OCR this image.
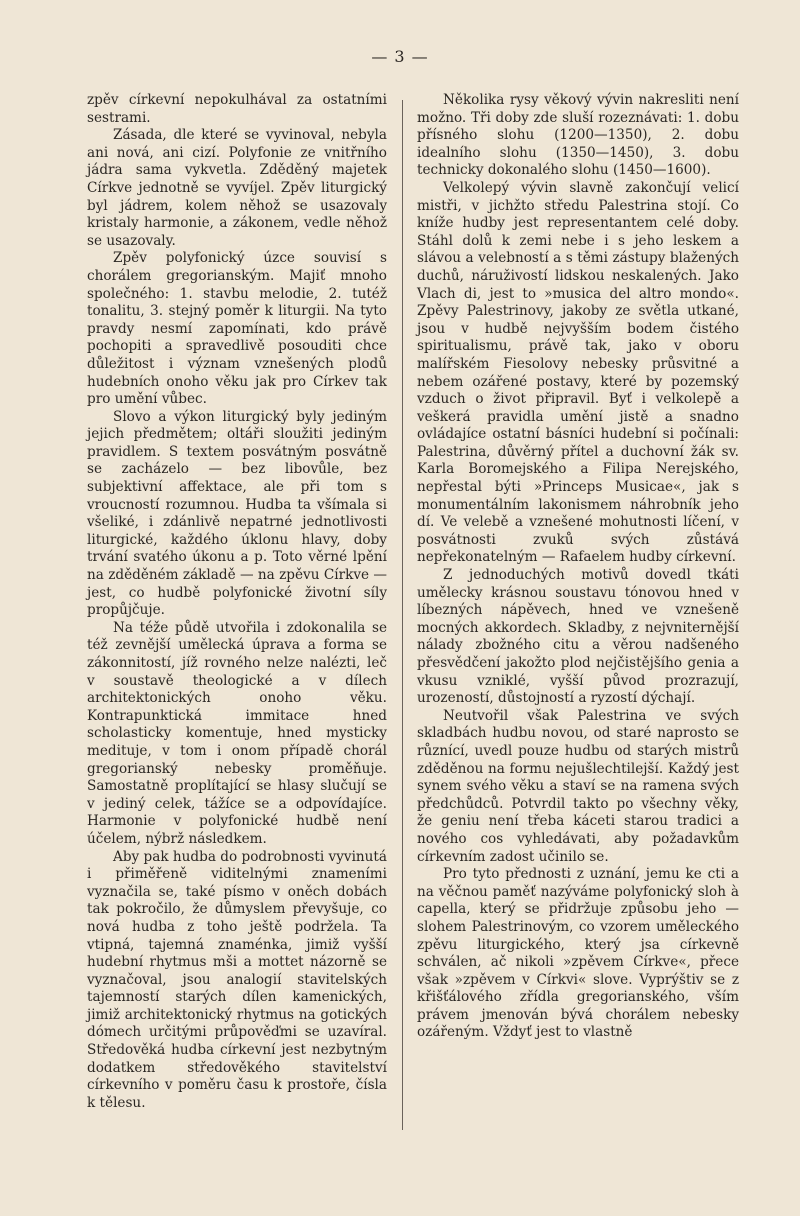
— 3 —

zpěv církevní nepokulhával za ostatními sestrami.

Zásada, dle které se vyvinoval, nebyla ani nová, ani cizí. Polyfonie ze vnitřního jádra sama vykvetla. Zděděný majetek Církve jednotně se vyvíjel. Zpěv liturgický byl jádrem, kolem něhož se usazovaly kristaly harmonie, a zákonem, vedle něhož se usazovaly.

Zpěv polyfonický úzce souvisí s chorálem gregorianským. Majiť mnoho společného: 1. stavbu melodie, 2. tutéž tonalitu, 3. stejný poměr k liturgii. Na tyto pravdy nesmí zapomínati, kdo právě pochopiti a spravedlivě posouditi chce důležitost i význam vznešených plodů hudebních onoho věku jak pro Církev tak pro umění vůbec.

Slovo a výkon liturgický byly jediným jejich předmětem; oltáři sloužiti jediným pravidlem. S textem posvátným posvátně se zacházelo — bez libovůle, bez subjektivní affektace, ale při tom s vroucností rozumnou. Hudba ta všímala si všeliké, i zdánlivě nepatrné jednotlivosti liturgické, každého úklonu hlavy, doby trvání svatého úkonu a p. Toto věrné lpění na zděděném základě — na zpěvu Církve — jest, co hudbě polyfonické životní síly propůjčuje.

Na téže půdě utvořila i zdokonalila se též zevnější umělecká úprava a forma se zákonnitostí, jíž rovného nelze nalézti, leč v soustavě theologické a v dílech architektonických onoho věku. Kontrapunktická immitace hned scholasticky komentuje, hned mysticky medituje, v tom i onom případě chorál gregorianský nebesky proměňuje. Samostatně proplítající se hlasy slučují se v jediný celek, tážíce se a odpovídajíce. Harmonie v polyfonické hudbě není účelem, nýbrž následkem.

Aby pak hudba do podrobnosti vyvinutá i přiměřeně viditelnými znameními vyznačila se, také písmo v oněch dobách tak pokročilo, že důmyslem převyšuje, co nová hudba z toho ještě podržela. Ta vtipná, tajemná znaménka, jimiž vyšší hudební rhytmus mši a mottet názorně se vyznačoval, jsou analogií stavitelských tajemností starých dílen kamenických, jimiž architektonický rhytmus na gotických dómech určitými průpověďmi se uzavíral. Středověká hudba církevní jest nezbytným dodatkem středověkého stavitelství církevního v poměru času k prostoře, čísla k tělesu.

Několika rysy věkový vývin nakresliti není možno. Tři doby zde sluší rozeznávati: 1. dobu přísného slohu (1200—1350), 2. dobu idealního slohu (1350—1450), 3. dobu technicky dokonalého slohu (1450—1600).

Velkolepý vývin slavně zakončují velicí mistři, v jichžto středu Palestrina stojí. Co kníže hudby jest representantem celé doby. Stáhl dolů k zemi nebe i s jeho leskem a slávou a velebností a s těmi zástupy blažených duchů, náruživostí lidskou neskalených. Jako Vlach di, jest to »musica del altro mondo«. Zpěvy Palestrinovy, jakoby ze světla utkané, jsou v hudbě nejvyšším bodem čistého spiritualismu, právě tak, jako v oboru malířském Fiesolovy nebesky průsvitné a nebem ozářené postavy, které by pozemský vzduch o život připravil. Byť i velkolepě a veškerá pravidla umění jistě a snadno ovládajíce ostatní básníci hudební si počínali: Palestrina, důvěrný přítel a duchovní žák sv. Karla Boromejského a Filipa Nerejského, nepřestal býti »Princeps Musicae«, jak s monumentálním lakonismem náhrobník jeho dí. Ve velebě a vznešené mohutnosti líčení, v posvátnosti zvuků svých zůstává nepřekonatelným — Rafaelem hudby církevní.

Z jednoduchých motivů dovedl tkáti umělecky krásnou soustavu tónovou hned v líbezných nápěvech, hned ve vznešeně mocných akkordech. Skladby, z nejvniternější nálady zbožného citu a věrou nadšeného přesvědčení jakožto plod nejčistějšího genia a vkusu vzniklé, vyšší původ prozrazují, urozeností, důstojností a ryzostí dýchají.

Neutvořil však Palestrina ve svých skladbách hudbu novou, od staré naprosto se různící, uvedl pouze hudbu od starých mistrů zděděnou na formu nejušlechtilejší. Každý jest synem svého věku a staví se na ramena svých předchůdců. Potvrdil takto po všechny věky, že geniu není třeba káceti starou tradici a nového cos vyhledávati, aby požadavkům církevním zadost učinilo se.

Pro tyto přednosti z uznání, jemu ke cti a na věčnou paměť nazýváme polyfonický sloh à capella, který se přidržuje způsobu jeho — slohem Palestrinovým, co vzorem uměleckého zpěvu liturgického, který jsa církevně schválen, ač nikoli »zpěvem Církve«, přece však »zpěvem v Církvi« slove. Vyprýštiv se z křišťálového zřídla gregorianského, vším právem jmenován bývá chorálem nebesky ozářeným. Vždyť jest to vlastně
